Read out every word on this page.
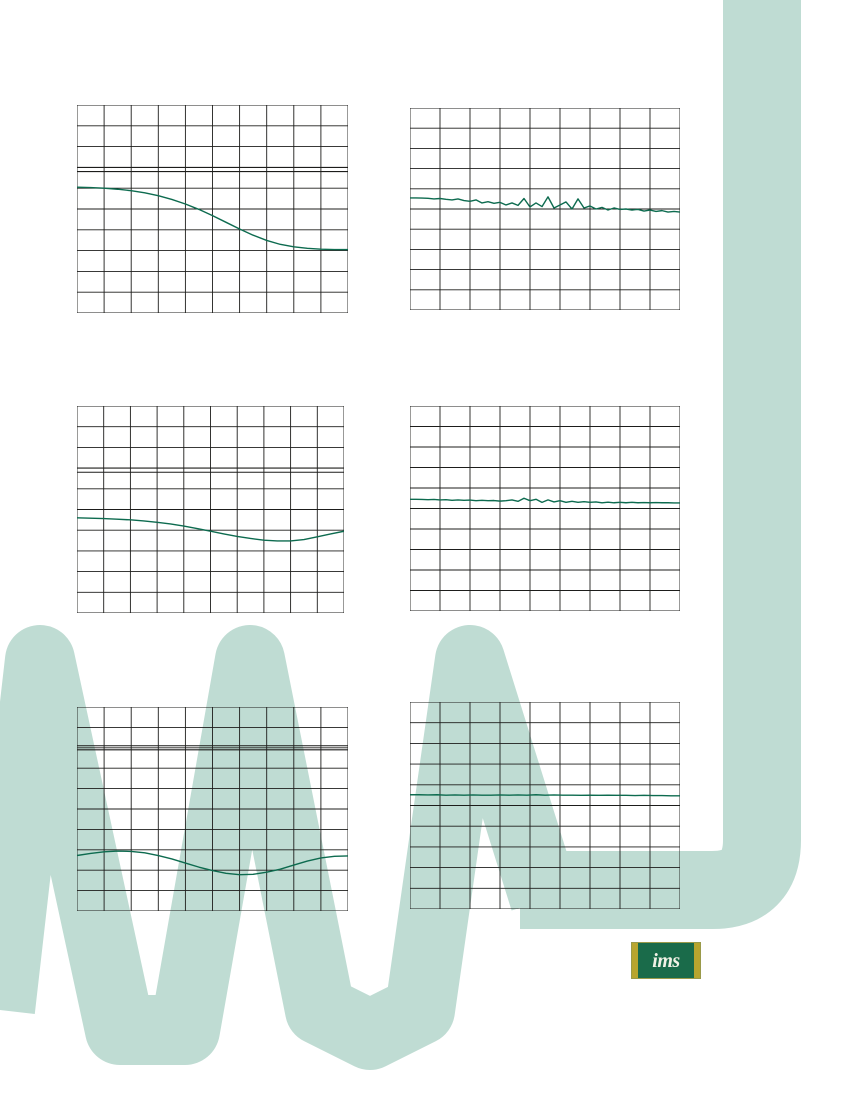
ims
